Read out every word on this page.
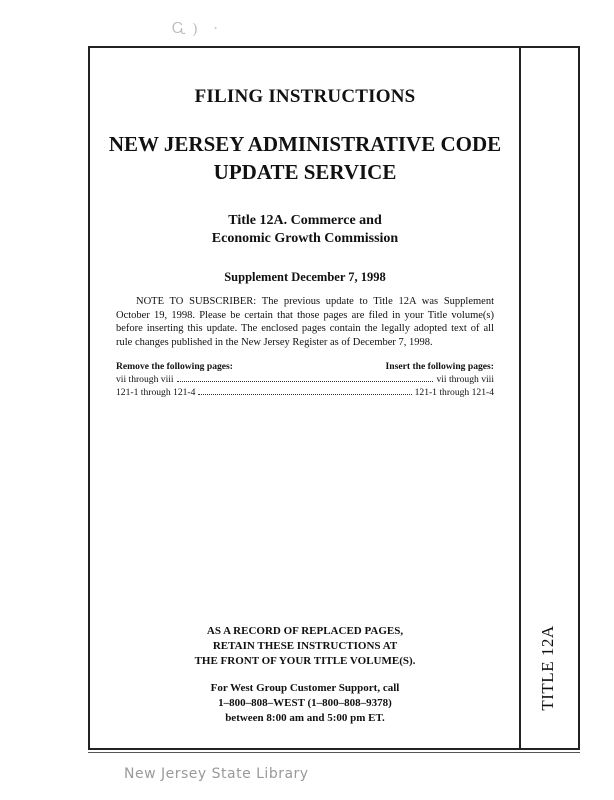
Ꮹ) ·
TITLE 12A
FILING INSTRUCTIONS
NEW JERSEY ADMINISTRATIVE CODE
UPDATE SERVICE
Title 12A. Commerce and
Economic Growth Commission

Supplement December 7, 1998

NOTE TO SUBSCRIBER: The previous update to Title 12A was Supplement October 19, 1998. Please be certain that those pages are filed in your Title volume(s) before inserting this update. The enclosed pages contain the legally adopted text of all rule changes published in the New Jersey Register as of December 7, 1998.

Remove the following pages:	Insert the following pages:
vii through viii	vii through viii
121-1 through 121-4	121-1 through 121-4
AS A RECORD OF REPLACED PAGES,
RETAIN THESE INSTRUCTIONS AT
THE FRONT OF YOUR TITLE VOLUME(S).
For West Group Customer Support, call
1–800–808–WEST (1–800–808–9378)
between 8:00 am and 5:00 pm ET.
New Jersey State Library
